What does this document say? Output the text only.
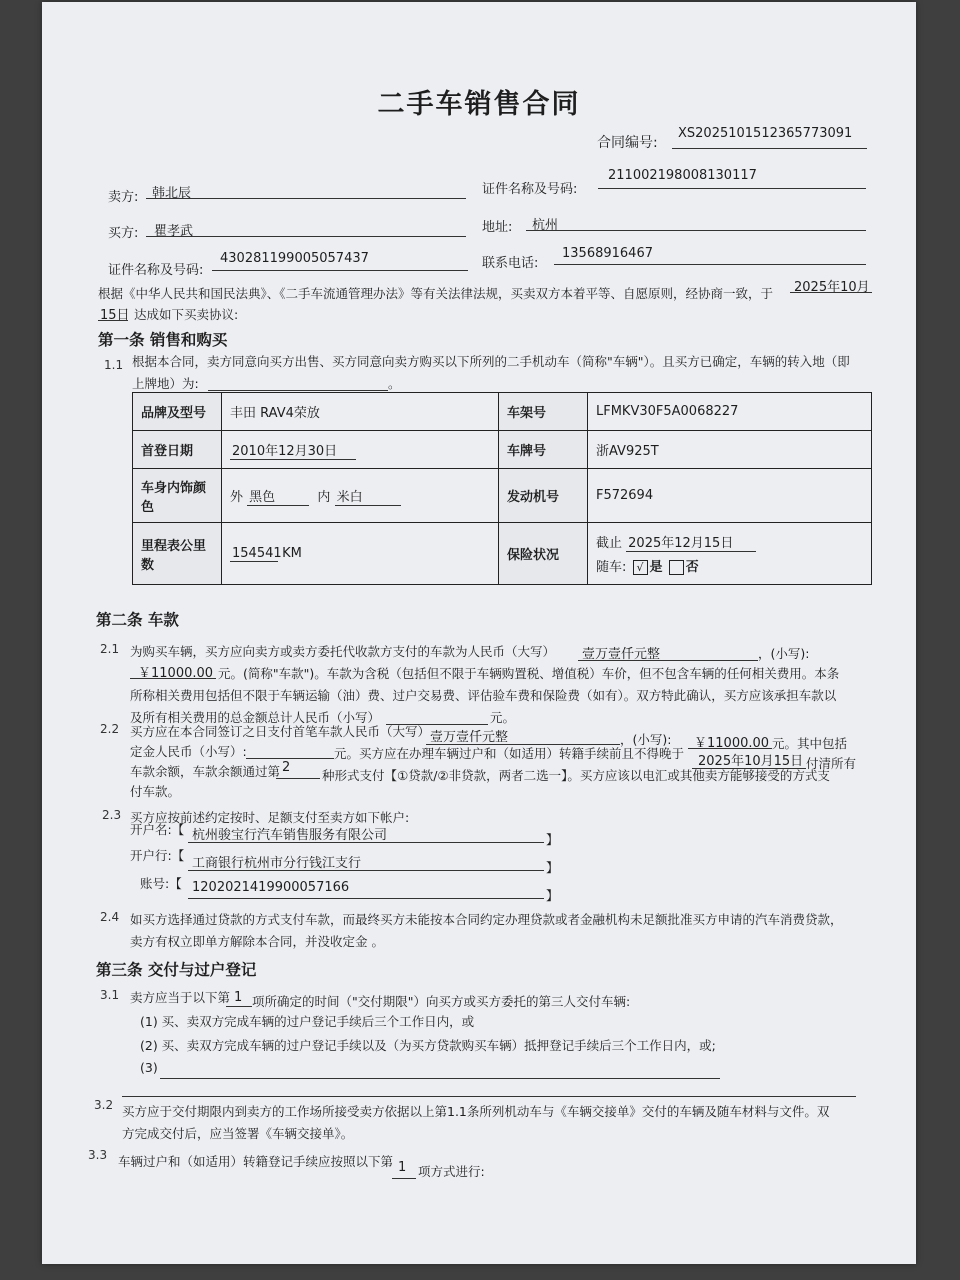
二手车销售合同
合同编号:
XS2025101512365773091
卖方: 韩北辰	证件名称及号码:
211002198008130117
买方: 瞿孝武	地址: 杭州
证件名称及号码:
430281199005057437	联系电话:
13568916467
根据《中华人民共和国民法典》、《二手车流通管理办法》等有关法律法规，买卖双方本着平等、自愿原则，经协商一致，于 2025年10月
15日 达成如下买卖协议:
第一条 销售和购买
1.1 根据本合同，卖方同意向买方出售、买方同意向卖方购买以下所列的二手机动车（简称"车辆"）。且买方已确定，车辆的转入地（即
上牌地）为:	。
品牌及型号	丰田 RAV4荣放	车架号	LFMKV30F5A0068227
首登日期	2010年12月30日	车牌号	浙AV925T
车身内饰颜色	外 黑色 内 米白	发动机号	F572694
里程表公里数	154541 KM	保险状况	截止 2025年12月15日
随车: √ 是 否
第二条 车款
2.1 为购买车辆，买方应向卖方或卖方委托代收款方支付的车款为人民币（大写） 壹万壹仟元整	，(小写):
￥11000.00 元。(简称"车款")。车款为含税（包括但不限于车辆购置税、增值税）车价，但不包含车辆的任何相关费用。本条
所称相关费用包括但不限于车辆运输（油）费、过户交易费、评估验车费和保险费（如有）。双方特此确认，买方应该承担车款以
及所有相关费用的总金额总计人民币（小写）	元。
2.2 买方应在本合同签订之日支付首笔车款人民币（大写） 壹万壹仟元整	，(小写): ￥11000.00 元。其中包括
定金人民币（小写）:	元。买方应在办理车辆过户和（如适用）转籍手续前且不得晚于
2025年10月15日 付清所有
车款余额，车款余额通过第 2
种形式支付【①贷款/②非贷款，两者二选一】。买方应该以电汇或其他卖方能够接受的方式支
付车款。
2.3 买方应按前述约定按时、足额支付至卖方如下帐户:
开户名:【 杭州骏宝行汽车销售服务有限公司	】
开户行:【
工商银行杭州市分行钱江支行	】
账号:【 1202021419900057166
】
2.4 如买方选择通过贷款的方式支付车款，而最终买方未能按本合同约定办理贷款或者金融机构未足额批准买方申请的汽车消费贷款，
卖方有权立即单方解除本合同，并没收定金 。
第三条 交付与过户登记
3.1 卖方应当于以下第 1 项所确定的时间（"交付期限"）向买方或买方委托的第三人交付车辆:
(1) 买、卖双方完成车辆的过户登记手续后三个工作日内，或
(2) 买、卖双方完成车辆的过户登记手续以及（为买方贷款购买车辆）抵押登记手续后三个工作日内，或;
(3)
3.2 买方应于交付期限内到卖方的工作场所接受卖方依据以上第1.1条所列机动车与《车辆交接单》交付的车辆及随车材料与文件。双
方完成交付后，应当签署《车辆交接单》。
3.3 车辆过户和（如适用）转籍登记手续应按照以下第 1 项方式进行:
